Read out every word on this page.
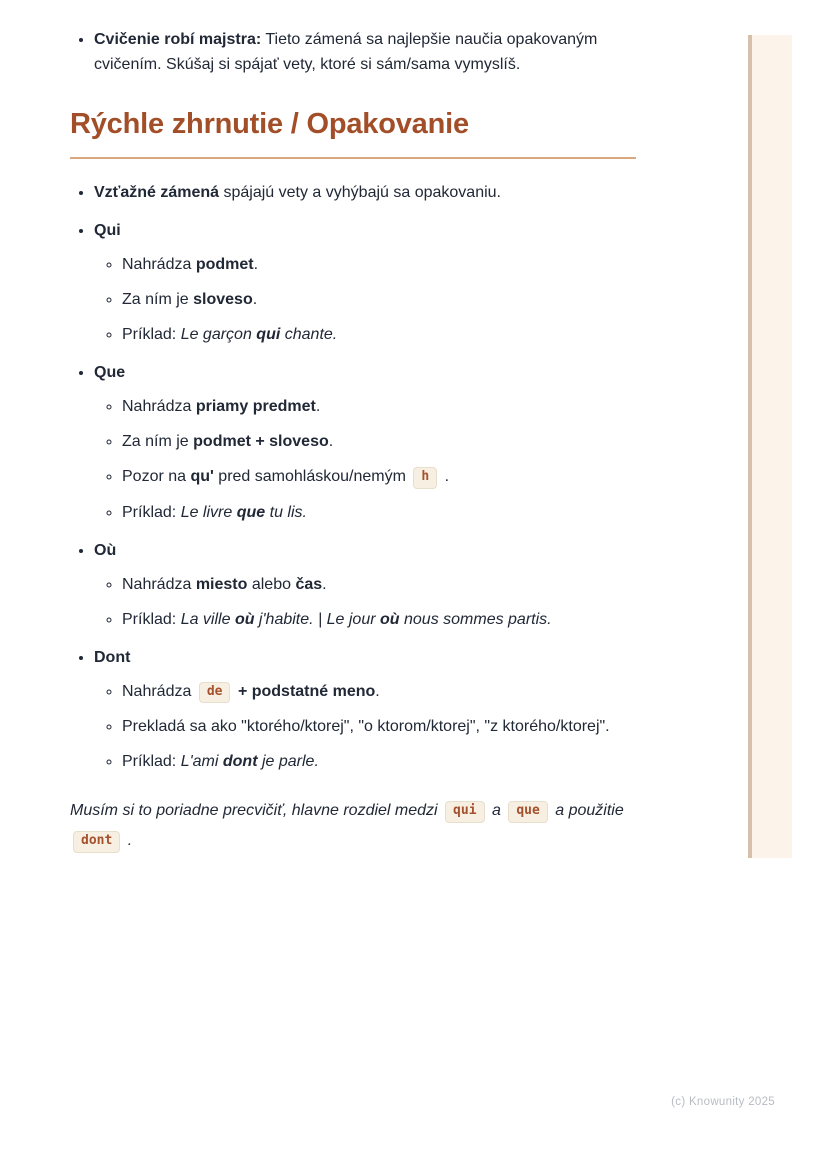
• Cvičenie robí majstra: Tieto zámená sa najlepšie naučia opakovaným cvičením. Skúšaj si spájať vety, ktoré si sám/sama vymyslíš.
Rýchle zhrnutie / Opakovanie
• Vzťažné zámená spájajú vety a vyhýbajú sa opakovaniu.
• Qui
◦ Nahrádza podmet.
◦ Za ním je sloveso.
◦ Príklad: Le garçon qui chante.
• Que
◦ Nahrádza priamy predmet.
◦ Za ním je podmet + sloveso.
◦ Pozor na qu' pred samohláskou/nemým h .
◦ Príklad: Le livre que tu lis.
• Où
◦ Nahrádza miesto alebo čas.
◦ Príklad: La ville où j'habite. | Le jour où nous sommes partis.
• Dont
◦ Nahrádza de + podstatné meno.
◦ Prekladá sa ako "ktorého/ktorej", "o ktorom/ktorej", "z ktorého/ktorej".
◦ Príklad: L'ami dont je parle.

Musím si to poriadne precvičiť, hlavne rozdiel medzi qui a que a použitie dont .

(c) Knowunity 2025
